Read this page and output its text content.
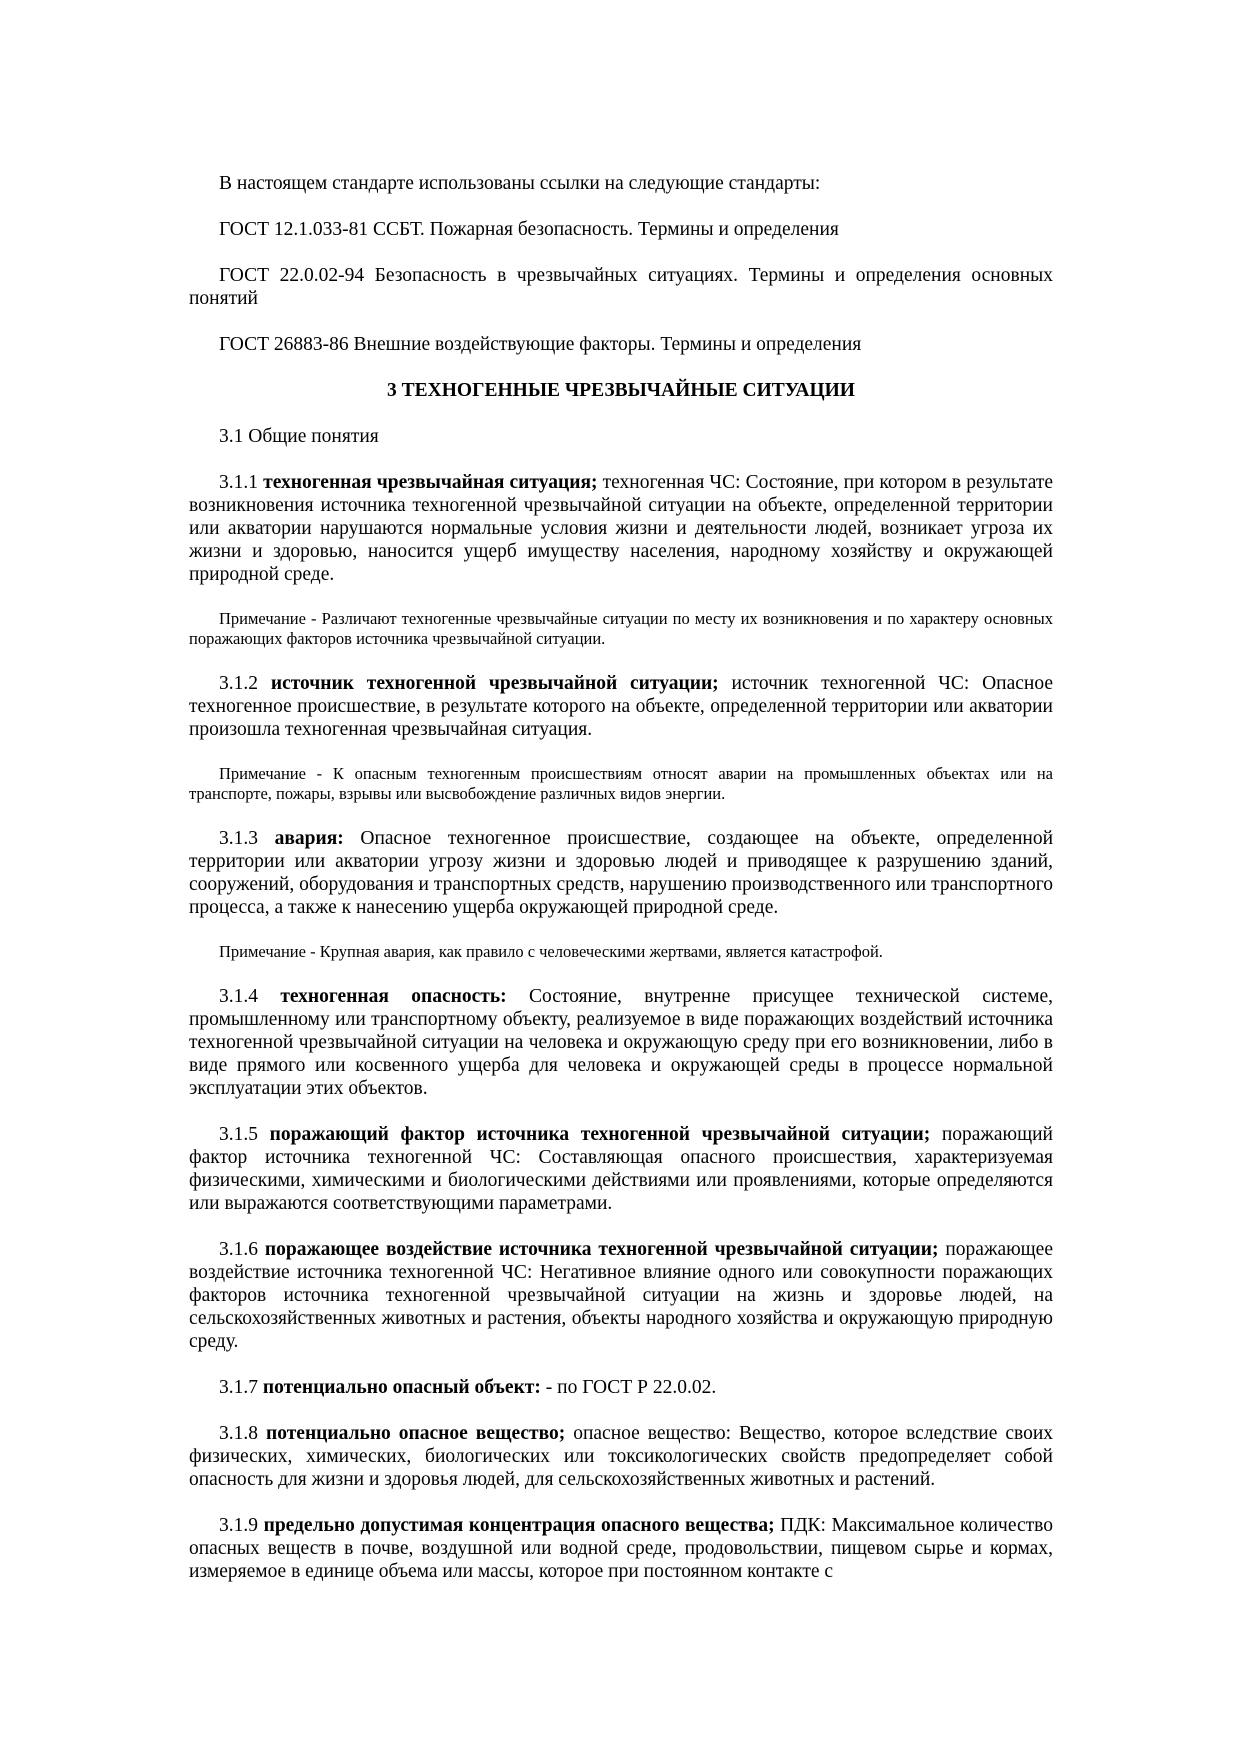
В настоящем стандарте использованы ссылки на следующие стандарты:

ГОСТ 12.1.033-81 ССБТ. Пожарная безопасность. Термины и определения

ГОСТ 22.0.02-94 Безопасность в чрезвычайных ситуациях. Термины и определения основных понятий

ГОСТ 26883-86 Внешние воздействующие факторы. Термины и определения

3 ТЕХНОГЕННЫЕ ЧРЕЗВЫЧАЙНЫЕ СИТУАЦИИ

3.1 Общие понятия

3.1.1 техногенная чрезвычайная ситуация; техногенная ЧС: Состояние, при котором в результате возникновения источника техногенной чрезвычайной ситуации на объекте, определенной территории или акватории нарушаются нормальные условия жизни и деятельности людей, возникает угроза их жизни и здоровью, наносится ущерб имуществу населения, народному хозяйству и окружающей природной среде.

Примечание - Различают техногенные чрезвычайные ситуации по месту их возникновения и по характеру основных поражающих факторов источника чрезвычайной ситуации.

3.1.2 источник техногенной чрезвычайной ситуации; источник техногенной ЧС: Опасное техногенное происшествие, в результате которого на объекте, определенной территории или акватории произошла техногенная чрезвычайная ситуация.

Примечание - К опасным техногенным происшествиям относят аварии на промышленных объектах или на транспорте, пожары, взрывы или высвобождение различных видов энергии.

3.1.3 авария: Опасное техногенное происшествие, создающее на объекте, определенной территории или акватории угрозу жизни и здоровью людей и приводящее к разрушению зданий, сооружений, оборудования и транспортных средств, нарушению производственного или транспортного процесса, а также к нанесению ущерба окружающей природной среде.

Примечание - Крупная авария, как правило с человеческими жертвами, является катастрофой.

3.1.4 техногенная опасность: Состояние, внутренне присущее технической системе, промышленному или транспортному объекту, реализуемое в виде поражающих воздействий источника техногенной чрезвычайной ситуации на человека и окружающую среду при его возникновении, либо в виде прямого или косвенного ущерба для человека и окружающей среды в процессе нормальной эксплуатации этих объектов.

3.1.5 поражающий фактор источника техногенной чрезвычайной ситуации; поражающий фактор источника техногенной ЧС: Составляющая опасного происшествия, характеризуемая физическими, химическими и биологическими действиями или проявлениями, которые определяются или выражаются соответствующими параметрами.

3.1.6 поражающее воздействие источника техногенной чрезвычайной ситуации; поражающее воздействие источника техногенной ЧС: Негативное влияние одного или совокупности поражающих факторов источника техногенной чрезвычайной ситуации на жизнь и здоровье людей, на сельскохозяйственных животных и растения, объекты народного хозяйства и окружающую природную среду.

3.1.7 потенциально опасный объект: - по ГОСТ Р 22.0.02.

3.1.8 потенциально опасное вещество; опасное вещество: Вещество, которое вследствие своих физических, химических, биологических или токсикологических свойств предопределяет собой опасность для жизни и здоровья людей, для сельскохозяйственных животных и растений.

3.1.9 предельно допустимая концентрация опасного вещества; ПДК: Максимальное количество опасных веществ в почве, воздушной или водной среде, продовольствии, пищевом сырье и кормах, измеряемое в единице объема или массы, которое при постоянном контакте с
